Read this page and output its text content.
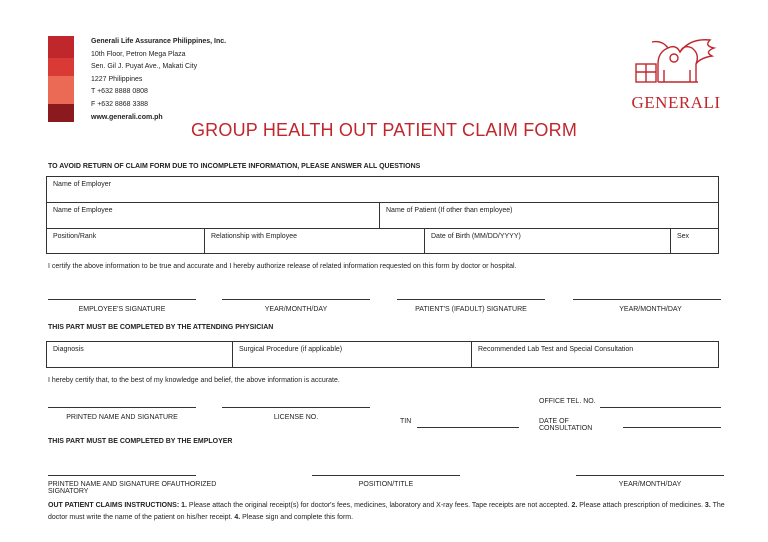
Generali Life Assurance Philippines, Inc.
10th Floor, Petron Mega Plaza
Sen. Gil J. Puyat Ave., Makati City
1227 Philippines
T +632 8888 0808
F +632 8868 3388
www.generali.com.ph
GENERALI
GROUP HEALTH OUT PATIENT CLAIM FORM
TO AVOID RETURN OF CLAIM FORM DUE TO INCOMPLETE INFORMATION, PLEASE ANSWER ALL QUESTIONS
Name of Employer
Name of Employee	Name of Patient (If other than employee)
Position/Rank	Relationship with Employee	Date of Birth (MM/DD/YYYY)	Sex
I certify the above information to be true and accurate and I hereby authorize release of related information requested on this form by doctor or hospital.
EMPLOYEE'S SIGNATURE	YEAR/MONTH/DAY	PATIENT'S (IFADULT) SIGNATURE	YEAR/MONTH/DAY
THIS PART MUST BE COMPLETED BY THE ATTENDING PHYSICIAN
Diagnosis	Surgical Procedure (if applicable)	Recommended Lab Test and Special Consultation
I hereby certify that, to the best of my knowledge and belief, the above information is accurate.
PRINTED NAME AND SIGNATURE	LICENSE NO.
TIN
OFFICE TEL. NO.
DATE OF CONSULTATION
THIS PART MUST BE COMPLETED BY THE EMPLOYER
PRINTED NAME AND SIGNATURE OFAUTHORIZED SIGNATORY
POSITION/TITLE	YEAR/MONTH/DAY
OUT PATIENT CLAIMS INSTRUCTIONS: 1. Please attach the original receipt(s) for doctor's fees, medicines, laboratory and X-ray fees. Tape receipts are not accepted. 2. Please attach prescription of medicines. 3. The doctor must write the name of the patient on his/her receipt. 4. Please sign and complete this form.
